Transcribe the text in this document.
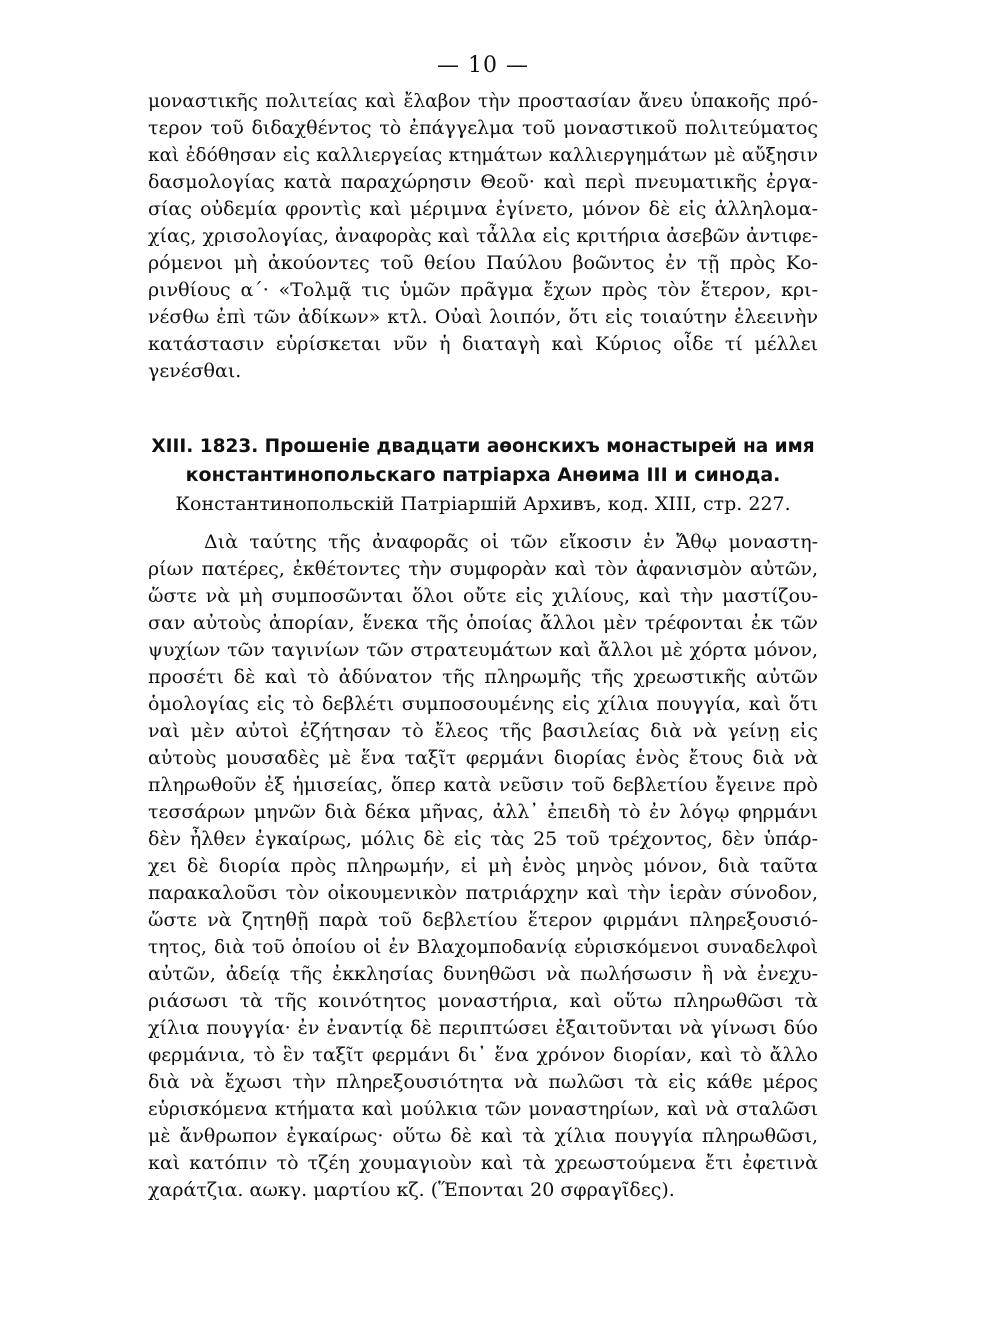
— 10 —
μοναστικῆς πολιτείας καὶ ἔλαβον τὴν προστασίαν ἄνευ ὑπακοῆς πρό-
τερον τοῦ διδαχθέντος τὸ ἐπάγγελμα τοῦ μοναστικοῦ πολιτεύματος
καὶ ἐδόθησαν εἰς καλλιεργείας κτημάτων καλλιεργημάτων μὲ αὔξησιν
δασμολογίας κατὰ παραχώρησιν Θεοῦ· καὶ περὶ πνευματικῆς ἐργα-
σίας οὐδεμία φροντὶς καὶ μέριμνα ἐγίνετο, μόνον δὲ εἰς ἀλληλομα-
χίας, χρισολογίας, ἀναφορὰς καὶ τἆλλα εἰς κριτήρια ἀσεβῶν ἀντιφε-
ρόμενοι μὴ ἀκούοντες τοῦ θείου Παύλου βοῶντος ἐν τῇ πρὸς Κο-
ρινθίους α΄· «Τολμᾷ τις ὑμῶν πρᾶγμα ἔχων πρὸς τὸν ἕτερον, κρι-
νέσθω ἐπὶ τῶν ἀδίκων» κτλ. Οὐαὶ λοιπόν, ὅτι εἰς τοιαύτην ἐλεεινὴν
κατάστασιν εὑρίσκεται νῦν ἡ διαταγὴ καὶ Κύριος οἶδε τί μέλλει
γενέσθαι.
XIII. 1823. Прошеніе двадцати аѳонскихъ монастырей на имя
константинопольскаго патріарха Анѳима III и синода.
Константинопольскій Патріаршій Архивъ, код. XIII, стр. 227.
Διὰ ταύτης τῆς ἀναφορᾶς οἱ τῶν εἴκοσιν ἐν Ἄθῳ μοναστη-
ρίων πατέρες, ἐκθέτοντες τὴν συμφορὰν καὶ τὸν ἀφανισμὸν αὐτῶν,
ὥστε νὰ μὴ συμποσῶνται ὅλοι οὔτε εἰς χιλίους, καὶ τὴν μαστίζου-
σαν αὐτοὺς ἀπορίαν, ἕνεκα τῆς ὁποίας ἄλλοι μὲν τρέφονται ἐκ τῶν
ψυχίων τῶν ταγινίων τῶν στρατευμάτων καὶ ἄλλοι μὲ χόρτα μόνον,
προσέτι δὲ καὶ τὸ ἀδύνατον τῆς πληρωμῆς τῆς χρεωστικῆς αὐτῶν
ὁμολογίας εἰς τὸ δεβλέτι συμποσουμένης εἰς χίλια πουγγία, καὶ ὅτι
ναὶ μὲν αὐτοὶ ἐζήτησαν τὸ ἔλεος τῆς βασιλείας διὰ νὰ γείνῃ εἰς
αὐτοὺς μουσαδὲς μὲ ἕνα ταξῖτ φερμάνι διορίας ἑνὸς ἔτους διὰ νὰ
πληρωθοῦν ἐξ ἡμισείας, ὅπερ κατὰ νεῦσιν τοῦ δεβλετίου ἔγεινε πρὸ
τεσσάρων μηνῶν διὰ δέκα μῆνας, ἀλλ᾽ ἐπειδὴ τὸ ἐν λόγῳ φηρμάνι
δὲν ἦλθεν ἐγκαίρως, μόλις δὲ εἰς τὰς 25 τοῦ τρέχοντος, δὲν ὑπάρ-
χει δὲ διορία πρὸς πληρωμήν, εἰ μὴ ἑνὸς μηνὸς μόνον, διὰ ταῦτα
παρακαλοῦσι τὸν οἰκουμενικὸν πατριάρχην καὶ τὴν ἱερὰν σύνοδον,
ὥστε νὰ ζητηθῇ παρὰ τοῦ δεβλετίου ἕτερον φιρμάνι πληρεξουσιό-
τητος, διὰ τοῦ ὁποίου οἱ ἐν Βλαχομποδανίᾳ εὑρισκόμενοι συναδελφοὶ
αὐτῶν, ἀδείᾳ τῆς ἐκκλησίας δυνηθῶσι νὰ πωλήσωσιν ἢ νὰ ἐνεχυ-
ριάσωσι τὰ τῆς κοινότητος μοναστήρια, καὶ οὕτω πληρωθῶσι τὰ
χίλια πουγγία· ἐν ἐναντίᾳ δὲ περιπτώσει ἐξαιτοῦνται νὰ γίνωσι δύο
φερμάνια, τὸ ἓν ταξῖτ φερμάνι δι᾽ ἕνα χρόνον διορίαν, καὶ τὸ ἄλλο
διὰ νὰ ἔχωσι τὴν πληρεξουσιότητα νὰ πωλῶσι τὰ εἰς κάθε μέρος
εὑρισκόμενα κτήματα καὶ μούλκια τῶν μοναστηρίων, καὶ νὰ σταλῶσι
μὲ ἄνθρωπον ἐγκαίρως· οὕτω δὲ καὶ τὰ χίλια πουγγία πληρωθῶσι,
καὶ κατόπιν τὸ τζέη χουμαγιοὺν καὶ τὰ χρεωστούμενα ἔτι ἐφετινὰ
χαράτζια. αωκγ. μαρτίου κζ. (Ἕπονται 20 σφραγῖδες).
